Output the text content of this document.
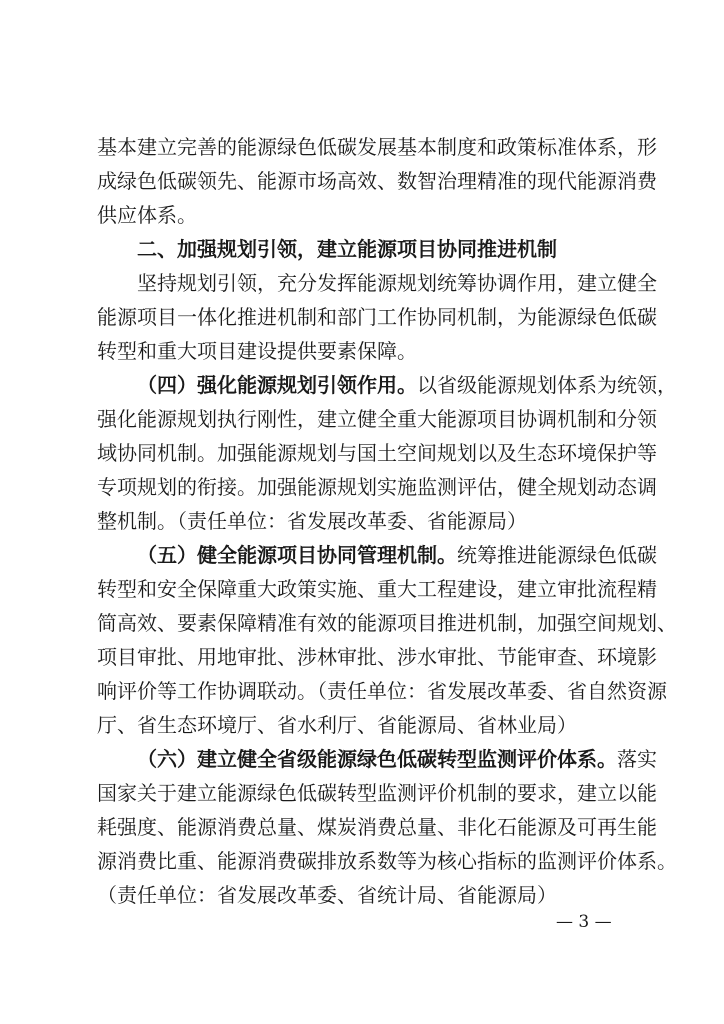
基本建立完善的能源绿色低碳发展基本制度和政策标准体系，形
成绿色低碳领先、能源市场高效、数智治理精准的现代能源消费
供应体系。
二、加强规划引领，建立能源项目协同推进机制
坚持规划引领，充分发挥能源规划统筹协调作用，建立健全
能源项目一体化推进机制和部门工作协同机制，为能源绿色低碳
转型和重大项目建设提供要素保障。
（四）强化能源规划引领作用。以省级能源规划体系为统领，
强化能源规划执行刚性，建立健全重大能源项目协调机制和分领
域协同机制。加强能源规划与国土空间规划以及生态环境保护等
专项规划的衔接。加强能源规划实施监测评估，健全规划动态调
整机制。（责任单位：省发展改革委、省能源局）
（五）健全能源项目协同管理机制。统筹推进能源绿色低碳
转型和安全保障重大政策实施、重大工程建设，建立审批流程精
简高效、要素保障精准有效的能源项目推进机制，加强空间规划、
项目审批、用地审批、涉林审批、涉水审批、节能审查、环境影
响评价等工作协调联动。（责任单位：省发展改革委、省自然资源
厅、省生态环境厅、省水利厅、省能源局、省林业局）
（六）建立健全省级能源绿色低碳转型监测评价体系。落实
国家关于建立能源绿色低碳转型监测评价机制的要求，建立以能
耗强度、能源消费总量、煤炭消费总量、非化石能源及可再生能
源消费比重、能源消费碳排放系数等为核心指标的监测评价体系。
（责任单位：省发展改革委、省统计局、省能源局）
— 3 —
